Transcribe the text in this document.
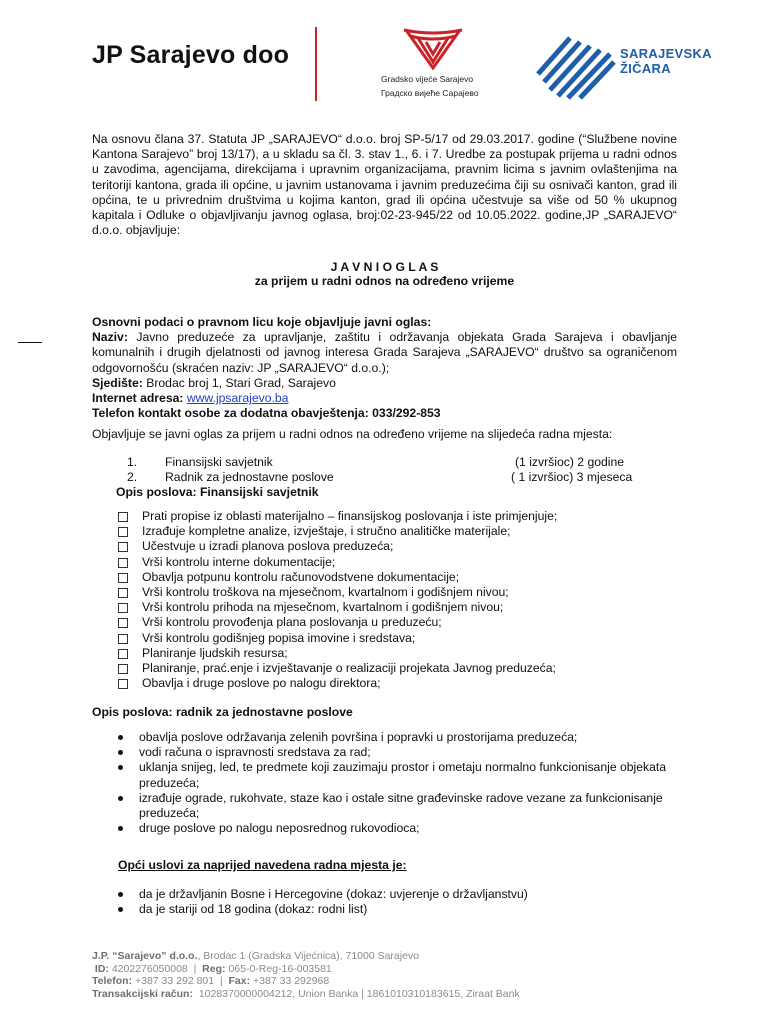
JP Sarajevo doo
Gradsko vijeće Sarajevo
Градско вијеће Сарајево
SARAJEVSKA
ŽIČARA

Na osnovu člana 37. Statuta JP „SARAJEVO“ d.o.o. broj SP-5/17 od 29.03.2017. godine (“Službene novine Kantona Sarajevo” broj 13/17), a u skladu sa čl. 3. stav 1., 6. i 7. Uredbe za postupak prijema u radni odnos u zavodima, agencijama, direkcijama i upravnim organizacijama, pravnim licima s javnim ovlaštenjima na teritoriji kantona, grada ili općine, u javnim ustanovama i javnim preduzećima čiji su osnivači kanton, grad ili općina, te u privrednim društvima u kojima kanton, grad ili općina učestvuje sa više od 50 % ukupnog kapitala i Odluke o objavljivanju javnog oglasa, broj:02-23-945/22 od 10.05.2022. godine,JP „SARAJEVO“ d.o.o. objavljuje:

J A V N I O G L A S
za prijem u radni odnos na određeno vrijeme
Osnovni podaci o pravnom licu koje objavljuje javni oglas:
Naziv: Javno preduzeće za upravljanje, zaštitu i održavanja objekata Grada Sarajeva i obavljanje komunalnih i drugih djelatnosti od javnog interesa Grada Sarajeva „SARAJEVO“ društvo sa ograničenom odgovornošću (skraćen naziv: JP „SARAJEVO“ d.o.o.);
Sjedište: Brodac broj 1, Stari Grad, Sarajevo
Internet adresa: www.jpsarajevo.ba
Telefon kontakt osobe za dodatna obavještenja: 033/292-853
Objavljuje se javni oglas za prijem u radni odnos na određeno vrijeme na slijedeća radna mjesta:
1. Finansijski savjetnik	(1 izvršioc) 2 godine
2. Radnik za jednostavne poslove	( 1 izvršioc) 3 mjeseca
Opis poslova: Finansijski savjetnik
Prati propise iz oblasti materijalno – finansijskog poslovanja i iste primjenjuje;
Izrađuje kompletne analize, izvještaje, i stručno analitičke materijale;
Učestvuje u izradi planova poslova preduzeća;
Vrši kontrolu interne dokumentacije;
Obavlja potpunu kontrolu računovodstvene dokumentacije;
Vrši kontrolu troškova na mjesečnom, kvartalnom i godišnjem nivou;
Vrši kontrolu prihoda na mjesečnom, kvartalnom i godišnjem nivou;
Vrši kontrolu provođenja plana poslovanja u preduzeću;
Vrši kontrolu godišnjeg popisa imovine i sredstava;
Planiranje ljudskih resursa;
Planiranje, prać.enje i izvještavanje o realizaciji projekata Javnog preduzeća;
Obavlja i druge poslove po nalogu direktora;
Opis poslova: radnik za jednostavne poslove
obavlja poslove održavanja zelenih površina i popravki u prostorijama preduzeća;
vodi računa o ispravnosti sredstava za rad;
uklanja snijeg, led, te predmete koji zauzimaju prostor i ometaju normalno funkcionisanje objekata preduzeća;
izrađuje ograde, rukohvate, staze kao i ostale sitne građevinske radove vezane za funkcionisanje preduzeća;
druge poslove po nalogu neposrednog rukovodioca;
Opći uslovi za naprijed navedena radna mjesta je:
da je državljanin Bosne i Hercegovine (dokaz: uvjerenje o državljanstvu)
da je stariji od 18 godina (dokaz: rodni list)
J.P. “Sarajevo” d.o.o., Brodac 1 (Gradska Vijećnica), 71000 Sarajevo
ID: 4202276050008  |  Reg: 065-0-Reg-16-003581
Telefon: +387 33 292 801  |  Fax: +387 33 292968
Transakcijski račun: 1028370000004212, Union Banka | 1861010310183615, Ziraat Bank
